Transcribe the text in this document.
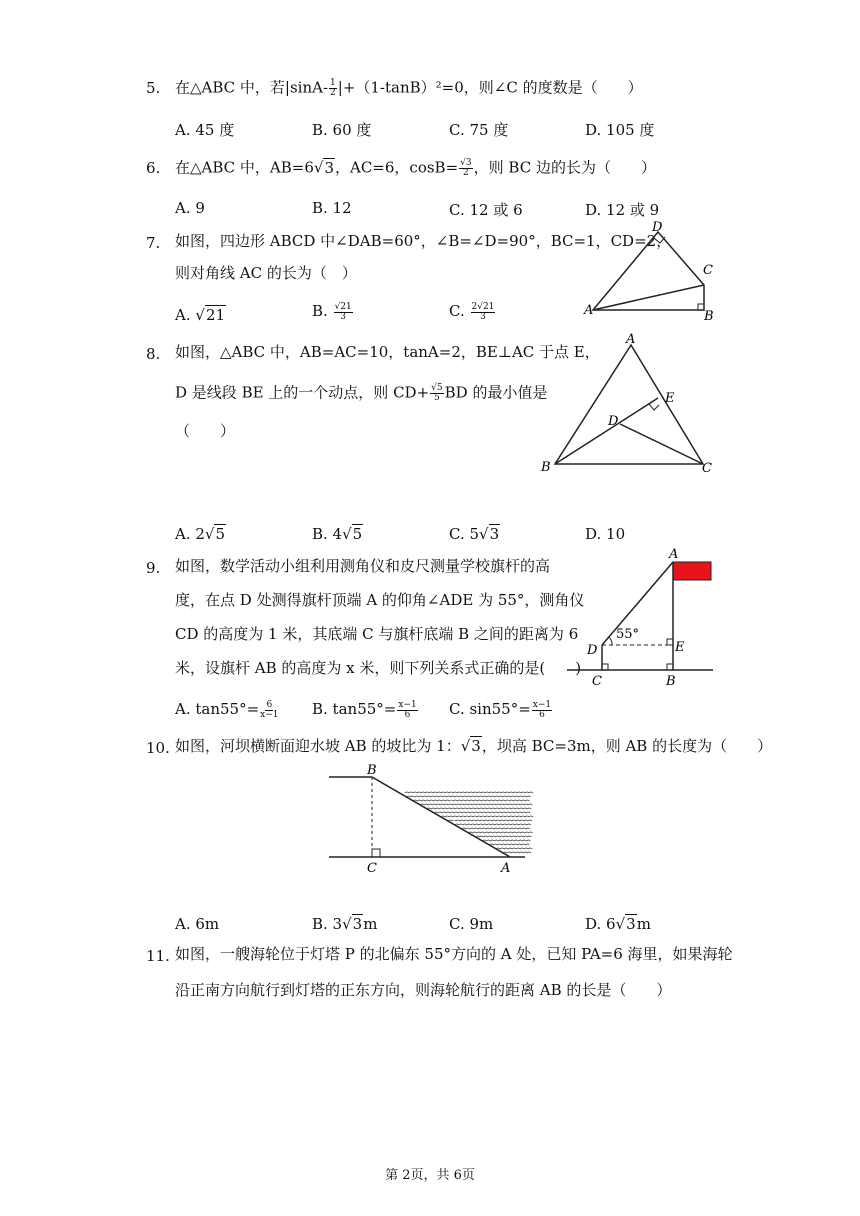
5. 在△ABC 中，若$|\sin A- \frac{1}{2} |+(1-\tan B)^2=0$，则∠C 的度数是（　　）
A. 45 度	B. 60 度	C. 75 度	D. 105 度
6. 在△ABC 中，AB=6√3，AC=6，$\cos B= \frac{√3}{2}$ ，则 BC 边的长为（　　）
A. 9	B. 12	C. 12 或 6	D. 12 或 9
7. 如图，四边形 ABCD 中∠DAB=60°，∠B=∠D=90°，BC=1，CD=2，
则对角线 AC 的长为（　）
A. √21	B. $\frac{√21}{3}$	C. $\frac{2√21}{3}$
D
C
A	B
8. 如图，△ABC 中，AB=AC=10，tanA=2，BE⊥AC 于点 E，
D 是线段 BE 上的一个动点，则 $CD+ \frac{√5}{5}$ BD 的最小值是
（　　）
A. 2√5	B. 4√5	C. 5√3	D. 10
A
E
D
B	C
9. 如图，数学活动小组利用测角仪和皮尺测量学校旗杆的高
度，在点 D 处测得旗杆顶端 A 的仰角∠ADE 为 55°，测角仪
CD 的高度为 1 米，其底端 C 与旗杆底端 B 之间的距离为 6
米，设旗杆 AB 的高度为 x 米，则下列关系式正确的是(　　)
A. $\tan 55^\circ= \frac{6}{x-1} B$. $\tan 55^\circ= \frac{x-1}{6} C$. $\sin 55^\circ= \frac{x-1}{6}$
A
55°
D	E
C	B
10. 如图，河坝横断面迎水坡 AB 的坡比为 1：√3，坝高 BC=3m，则 AB 的长度为（　　）
B
C	A
A. 6m	B. 3√3m	C. 9m	D. 6√3m
11. 如图，一艘海轮位于灯塔 P 的北偏东 55°方向的 A 处，已知 PA=6 海里，如果海轮
沿正南方向航行到灯塔的正东方向，则海轮航行的距离 AB 的长是（　　）
第 2页，共 6页
